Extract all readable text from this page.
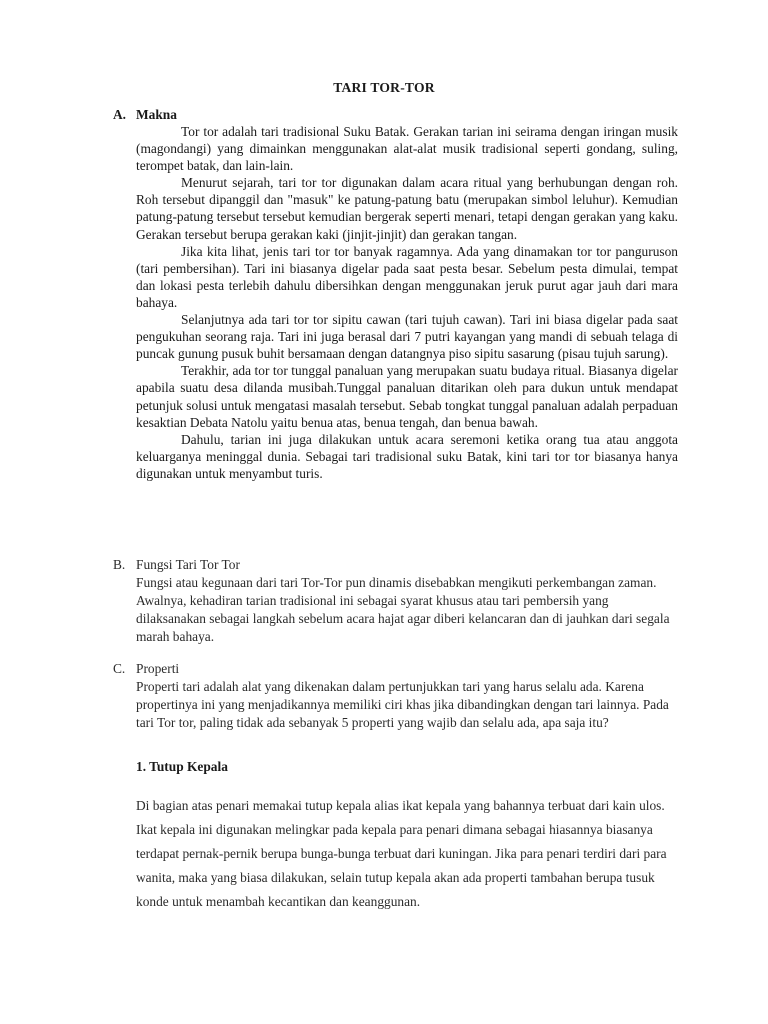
TARI TOR-TOR
A. Makna

Tor tor adalah tari tradisional Suku Batak. Gerakan tarian ini seirama dengan iringan musik (magondangi) yang dimainkan menggunakan alat-alat musik tradisional seperti gondang, suling, terompet batak, dan lain-lain.

Menurut sejarah, tari tor tor digunakan dalam acara ritual yang berhubungan dengan roh. Roh tersebut dipanggil dan "masuk" ke patung-patung batu (merupakan simbol leluhur). Kemudian patung-patung tersebut tersebut kemudian bergerak seperti menari, tetapi dengan gerakan yang kaku. Gerakan tersebut berupa gerakan kaki (jinjit-jinjit) dan gerakan tangan.

Jika kita lihat, jenis tari tor tor banyak ragamnya. Ada yang dinamakan tor tor panguruson (tari pembersihan). Tari ini biasanya digelar pada saat pesta besar. Sebelum pesta dimulai, tempat dan lokasi pesta terlebih dahulu dibersihkan dengan menggunakan jeruk purut agar jauh dari mara bahaya.

Selanjutnya ada tari tor tor sipitu cawan (tari tujuh cawan). Tari ini biasa digelar pada saat pengukuhan seorang raja. Tari ini juga berasal dari 7 putri kayangan yang mandi di sebuah telaga di puncak gunung pusuk buhit bersamaan dengan datangnya piso sipitu sasarung (pisau tujuh sarung).

Terakhir, ada tor tor tunggal panaluan yang merupakan suatu budaya ritual. Biasanya digelar apabila suatu desa dilanda musibah.Tunggal panaluan ditarikan oleh para dukun untuk mendapat petunjuk solusi untuk mengatasi masalah tersebut. Sebab tongkat tunggal panaluan adalah perpaduan kesaktian Debata Natolu yaitu benua atas, benua tengah, dan benua bawah.

Dahulu, tarian ini juga dilakukan untuk acara seremoni ketika orang tua atau anggota keluarganya meninggal dunia. Sebagai tari tradisional suku Batak, kini tari tor tor biasanya hanya digunakan untuk menyambut turis.

B. Fungsi Tari Tor Tor

Fungsi atau kegunaan dari tari Tor-Tor pun dinamis disebabkan mengikuti perkembangan zaman. Awalnya, kehadiran tarian tradisional ini sebagai syarat khusus atau tari pembersih yang dilaksanakan sebagai langkah sebelum acara hajat agar diberi kelancaran dan di jauhkan dari segala marah bahaya.

C. Properti

Properti tari adalah alat yang dikenakan dalam pertunjukkan tari yang harus selalu ada. Karena propertinya ini yang menjadikannya memiliki ciri khas jika dibandingkan dengan tari lainnya. Pada tari Tor tor, paling tidak ada sebanyak 5 properti yang wajib dan selalu ada, apa saja itu?

1. Tutup Kepala

Di bagian atas penari memakai tutup kepala alias ikat kepala yang bahannya terbuat dari kain ulos. Ikat kepala ini digunakan melingkar pada kepala para penari dimana sebagai hiasannya biasanya terdapat pernak-pernik berupa bunga-bunga terbuat dari kuningan. Jika para penari terdiri dari para wanita, maka yang biasa dilakukan, selain tutup kepala akan ada properti tambahan berupa tusuk konde untuk menambah kecantikan dan keanggunan.
